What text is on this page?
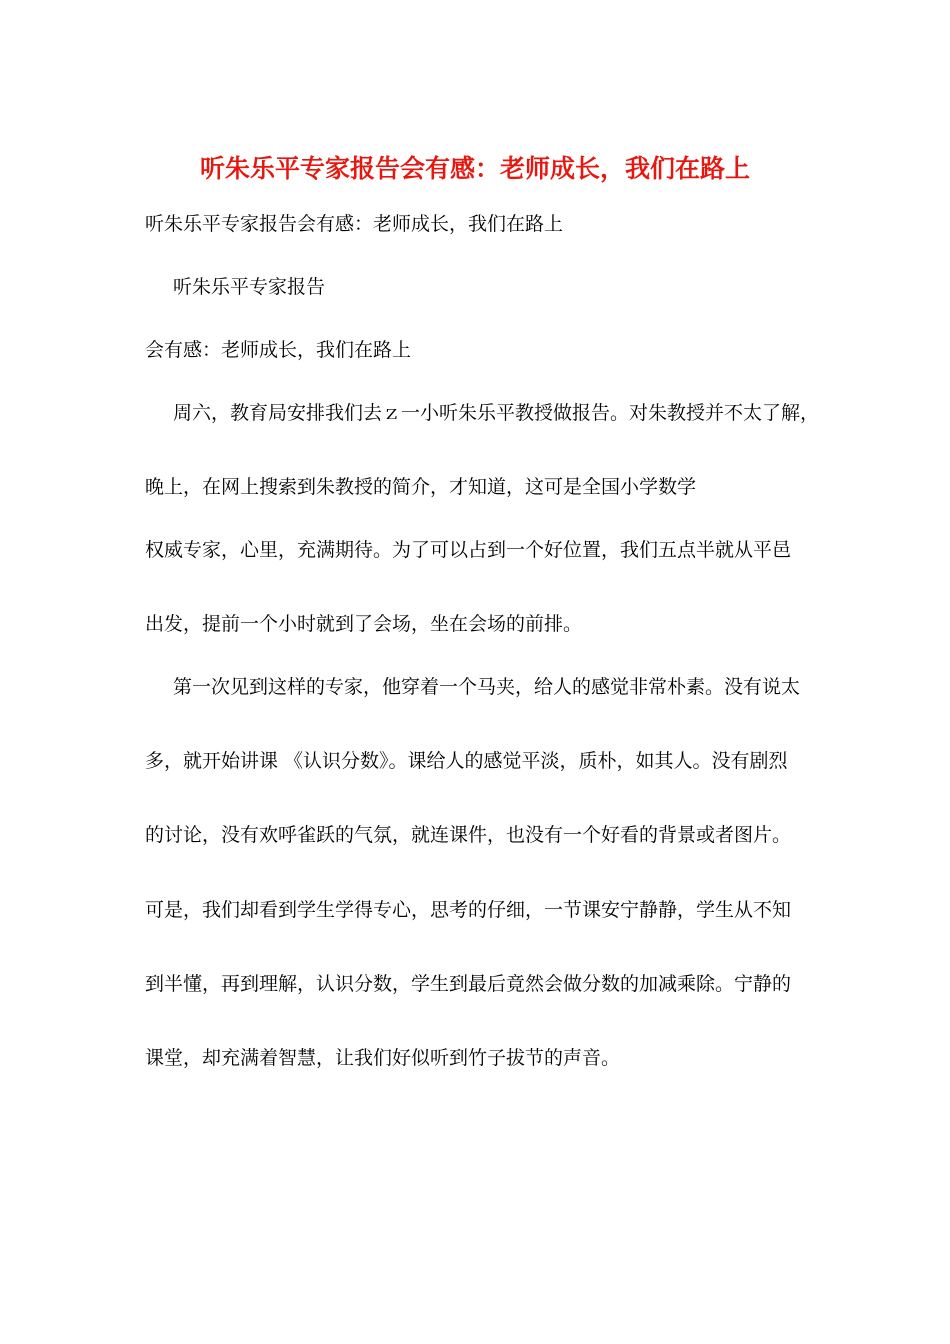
听朱乐平专家报告会有感：老师成长，我们在路上
听朱乐平专家报告会有感：老师成长，我们在路上
听朱乐平专家报告
会有感：老师成长，我们在路上
周六，教育局安排我们去ｚ一小听朱乐平教授做报告。对朱教授并不太了解，
晚上，在网上搜索到朱教授的简介，才知道，这可是全国小学数学
权威专家，心里，充满期待。为了可以占到一个好位置，我们五点半就从平邑
出发，提前一个小时就到了会场，坐在会场的前排。
第一次见到这样的专家，他穿着一个马夹，给人的感觉非常朴素。没有说太
多，就开始讲课 《认识分数》。课给人的感觉平淡，质朴，如其人。没有剧烈
的讨论，没有欢呼雀跃的气氛，就连课件，也没有一个好看的背景或者图片。
可是，我们却看到学生学得专心，思考的仔细，一节课安宁静静，学生从不知
到半懂，再到理解，认识分数，学生到最后竟然会做分数的加减乘除。宁静的
课堂，却充满着智慧，让我们好似听到竹子拔节的声音。
